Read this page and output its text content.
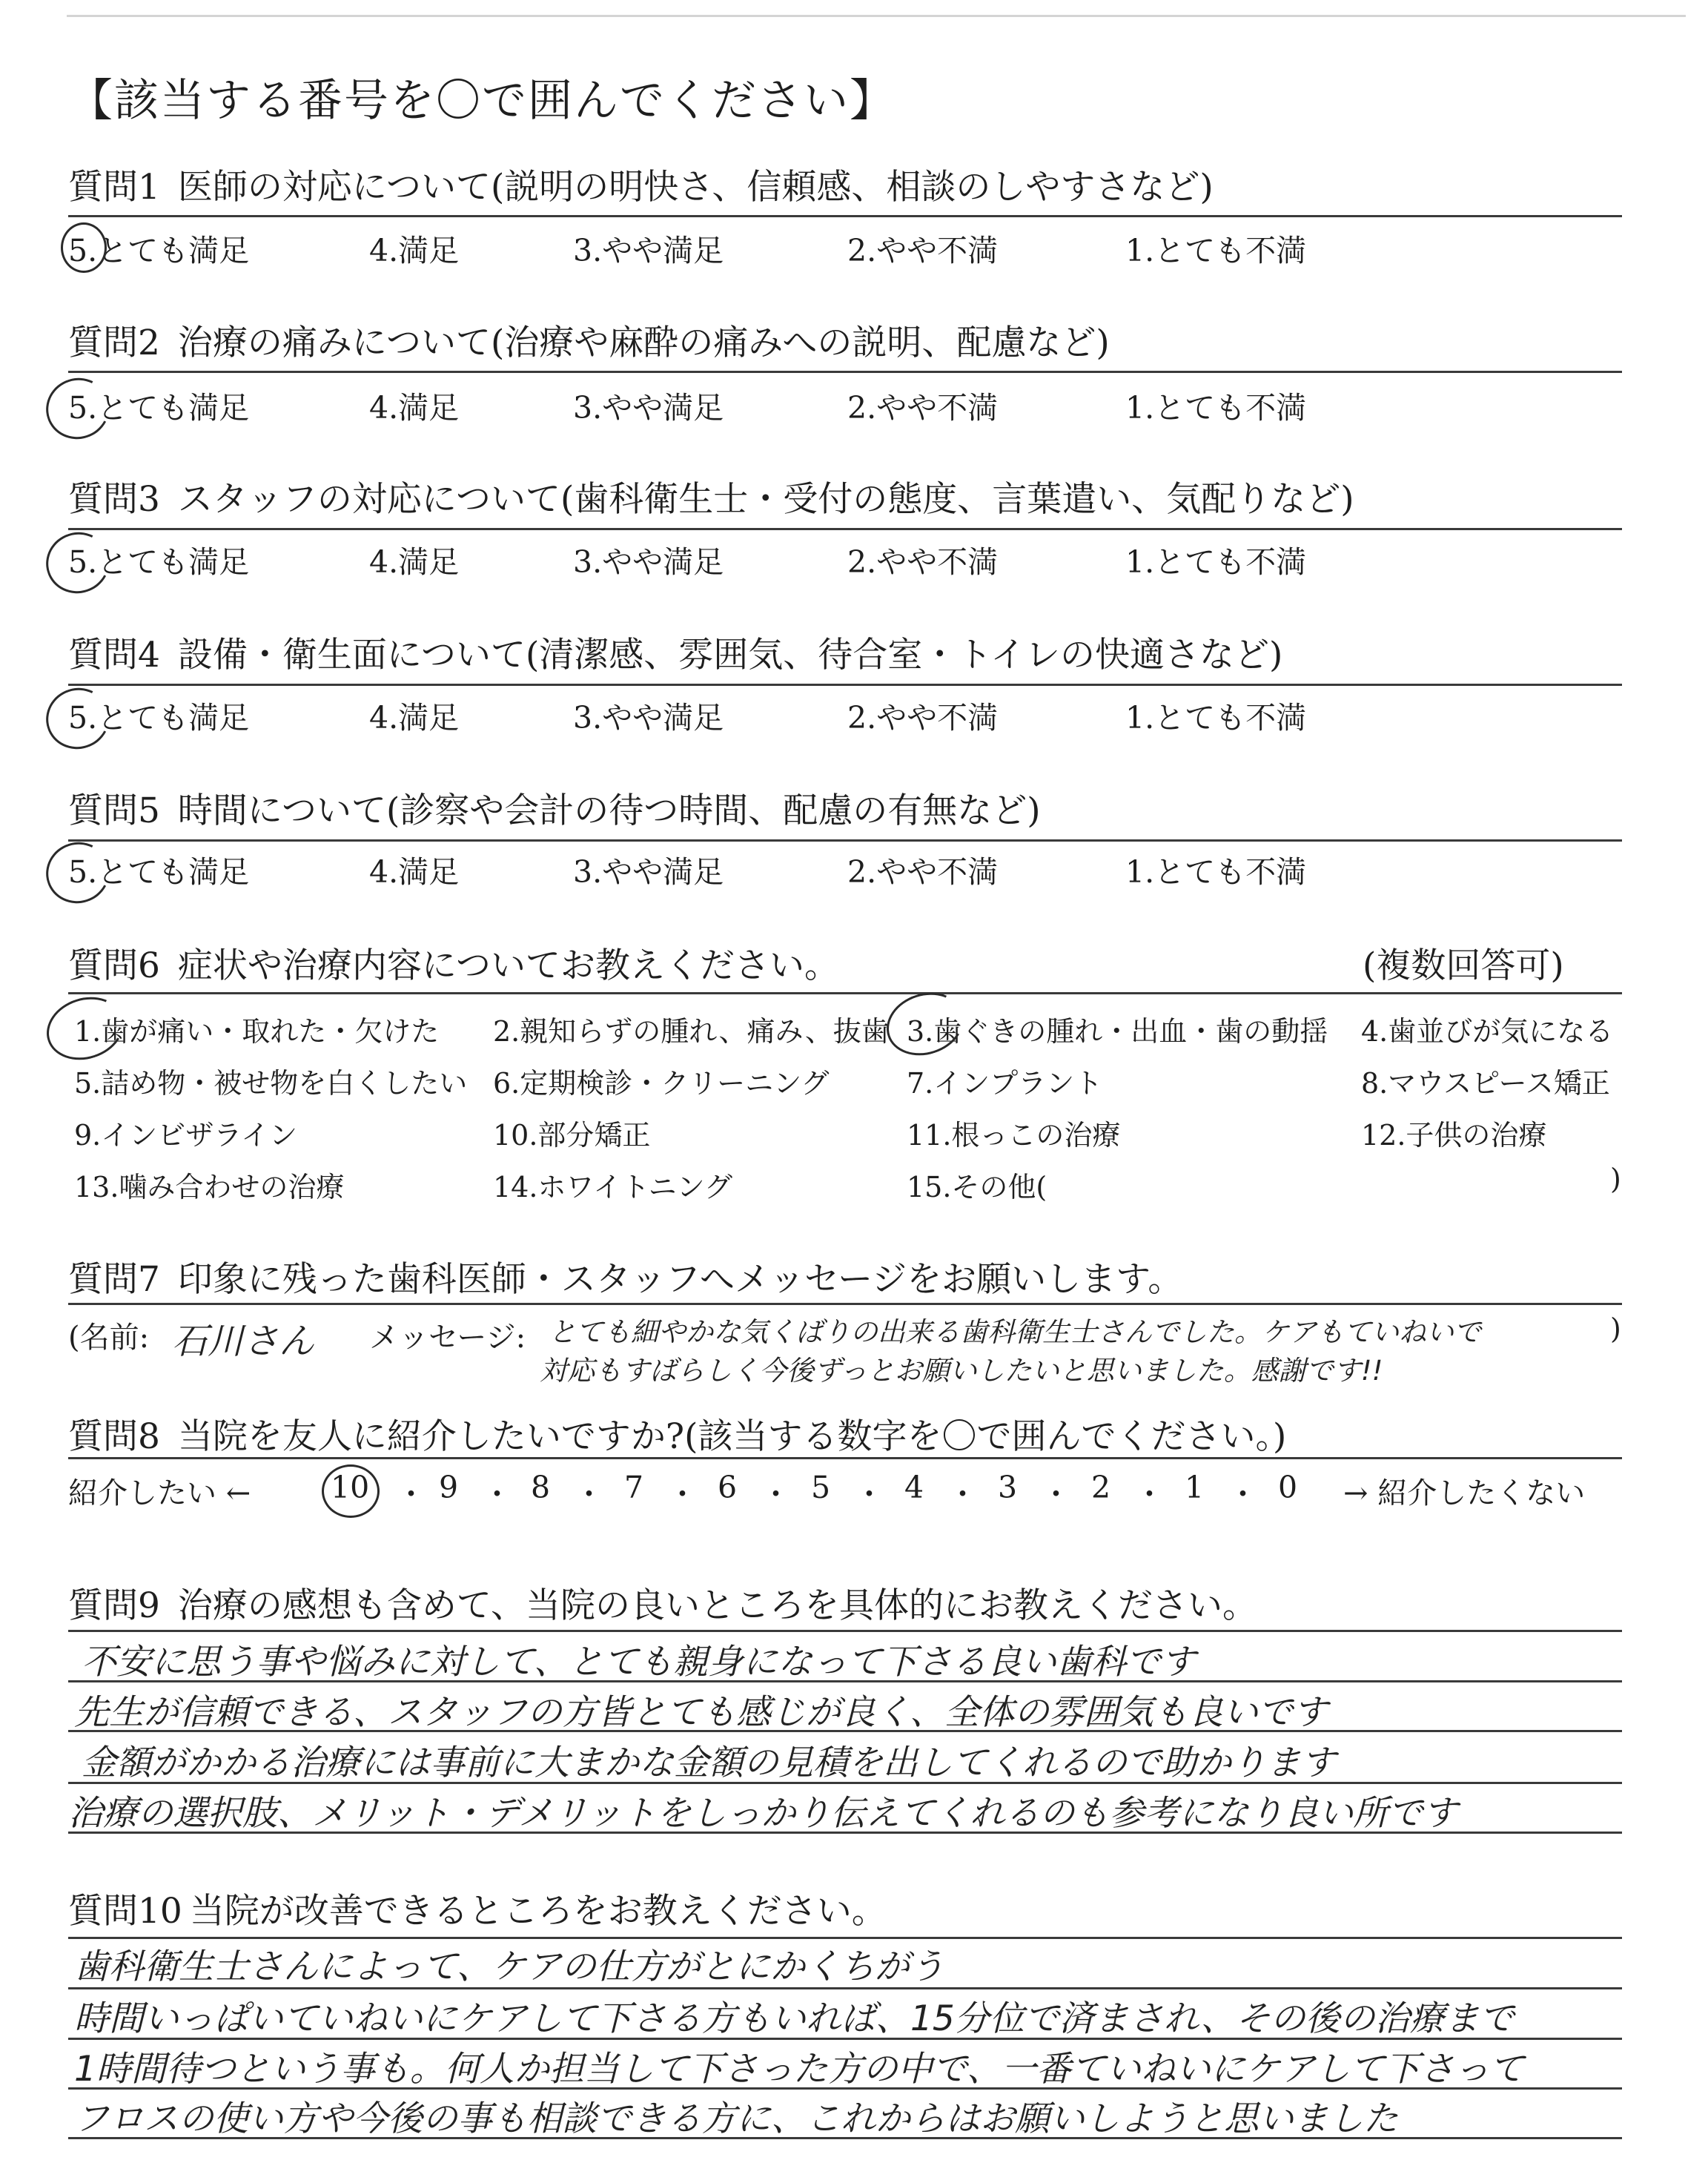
【該当する番号を〇で囲んでください】
質問1 医師の対応について(説明の明快さ、信頼感、相談のしやすさなど)
5.とても満足	4.満足	3.やや満足	2.やや不満	1.とても不満
質問2 治療の痛みについて(治療や麻酔の痛みへの説明、配慮など)
5.とても満足	4.満足	3.やや満足	2.やや不満	1.とても不満
質問3 スタッフの対応について(歯科衛生士・受付の態度、言葉遣い、気配りなど)
5.とても満足	4.満足	3.やや満足	2.やや不満	1.とても不満
質問4 設備・衛生面について(清潔感、雰囲気、待合室・トイレの快適さなど)
5.とても満足	4.満足	3.やや満足	2.やや不満	1.とても不満
質問5 時間について(診察や会計の待つ時間、配慮の有無など)
5.とても満足	4.満足	3.やや満足	2.やや不満	1.とても不満
質問6 症状や治療内容についてお教えください。	(複数回答可)
1.歯が痛い・取れた・欠けた 2.親知らずの腫れ、痛み、抜歯 3.歯ぐきの腫れ・出血・歯の動揺 4.歯並びが気になる
5.詰め物・被せ物を白くしたい 6.定期検診・クリーニング	7.インプラント	8.マウスピース矯正
9.インビザライン	10.部分矯正	11.根っこの治療	12.子供の治療
13.噛み合わせの治療	14.ホワイトニング	15.その他(	)
質問7 印象に残った歯科医師・スタッフへメッセージをお願いします。
(名前: 石川さん メッセージ: とても細やかな気くばりの出来る歯科衛生士さんでした。ケアもていねいで
対応もすばらしく今後ずっとお願いしたいと思いました。感謝です!!
)
質問8 当院を友人に紹介したいですか?(該当する数字を〇で囲んでください。)
紹介したい ←	10 ・ 9 ・ 8 ・ 7 ・ 6 ・ 5 ・ 4 ・ 3 ・ 2 ・ 1 ・ 0 → 紹介したくない
質問9 治療の感想も含めて、当院の良いところを具体的にお教えください。
不安に思う事や悩みに対して、とても親身になって下さる良い歯科です
先生が信頼できる、スタッフの方皆とても感じが良く、全体の雰囲気も良いです
金額がかかる治療には事前に大まかな金額の見積を出してくれるので助かります
治療の選択肢、メリット・デメリットをしっかり伝えてくれるのも参考になり良い所です
質問10 当院が改善できるところをお教えください。
歯科衛生士さんによって、ケアの仕方がとにかくちがう
時間いっぱいていねいにケアして下さる方もいれば、15分位で済まされ、その後の治療まで
1時間待つという事も。何人か担当して下さった方の中で、一番ていねいにケアして下さって
フロスの使い方や今後の事も相談できる方に、これからはお願いしようと思いました
